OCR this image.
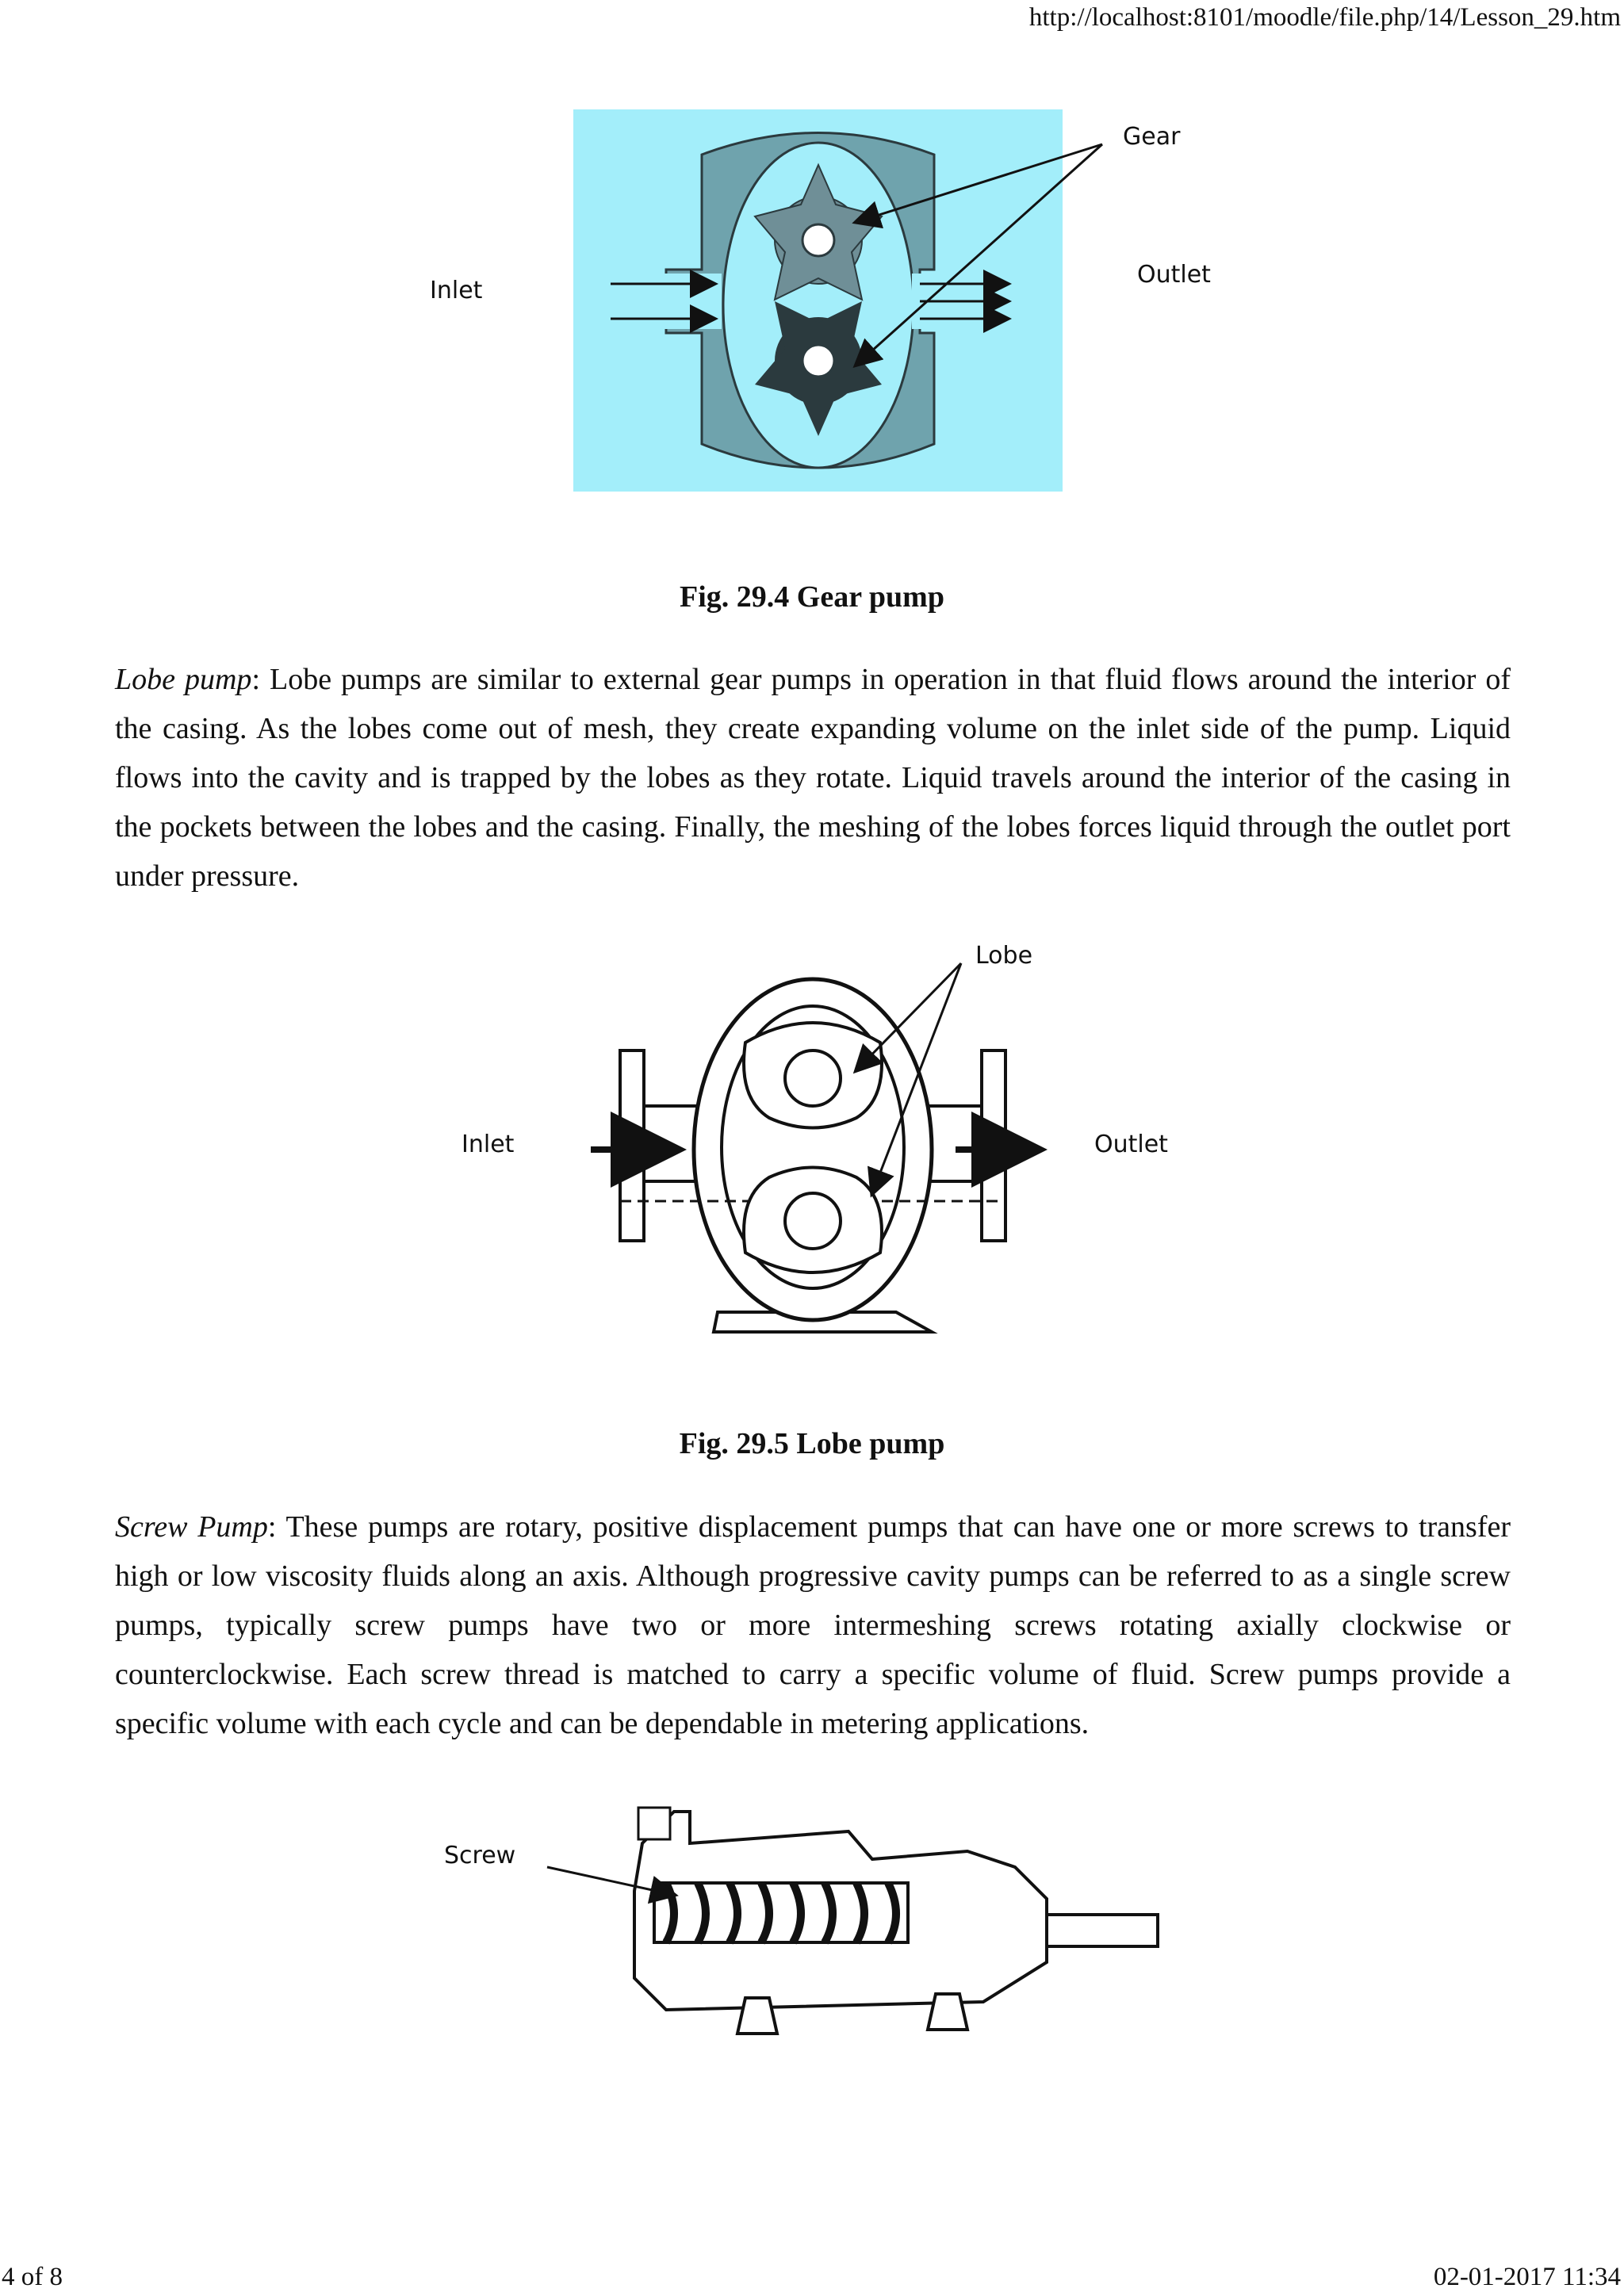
http://localhost:8101/moodle/file.php/14/Lesson_29.htm
Gear
Inlet
Outlet
Fig. 29.4 Gear pump
Lobe pump: Lobe pumps are similar to external gear pumps in operation in that fluid flows around the interior of the casing. As the lobes come out of mesh, they create expanding volume on the inlet side of the pump. Liquid flows into the cavity and is trapped by the lobes as they rotate. Liquid travels around the interior of the casing in the pockets between the lobes and the casing. Finally, the meshing of the lobes forces liquid through the outlet port under pressure.
Lobe
Inlet	Outlet
Fig. 29.5 Lobe pump
Screw Pump: These pumps are rotary, positive displacement pumps that can have one or more screws to transfer high or low viscosity fluids along an axis. Although progressive cavity pumps can be referred to as a single screw pumps, typically screw pumps have two or more intermeshing screws rotating axially clockwise or counterclockwise. Each screw thread is matched to carry a specific volume of fluid. Screw pumps provide a specific volume with each cycle and can be dependable in metering applications.
Screw
4 of 8	02-01-2017 11:34
